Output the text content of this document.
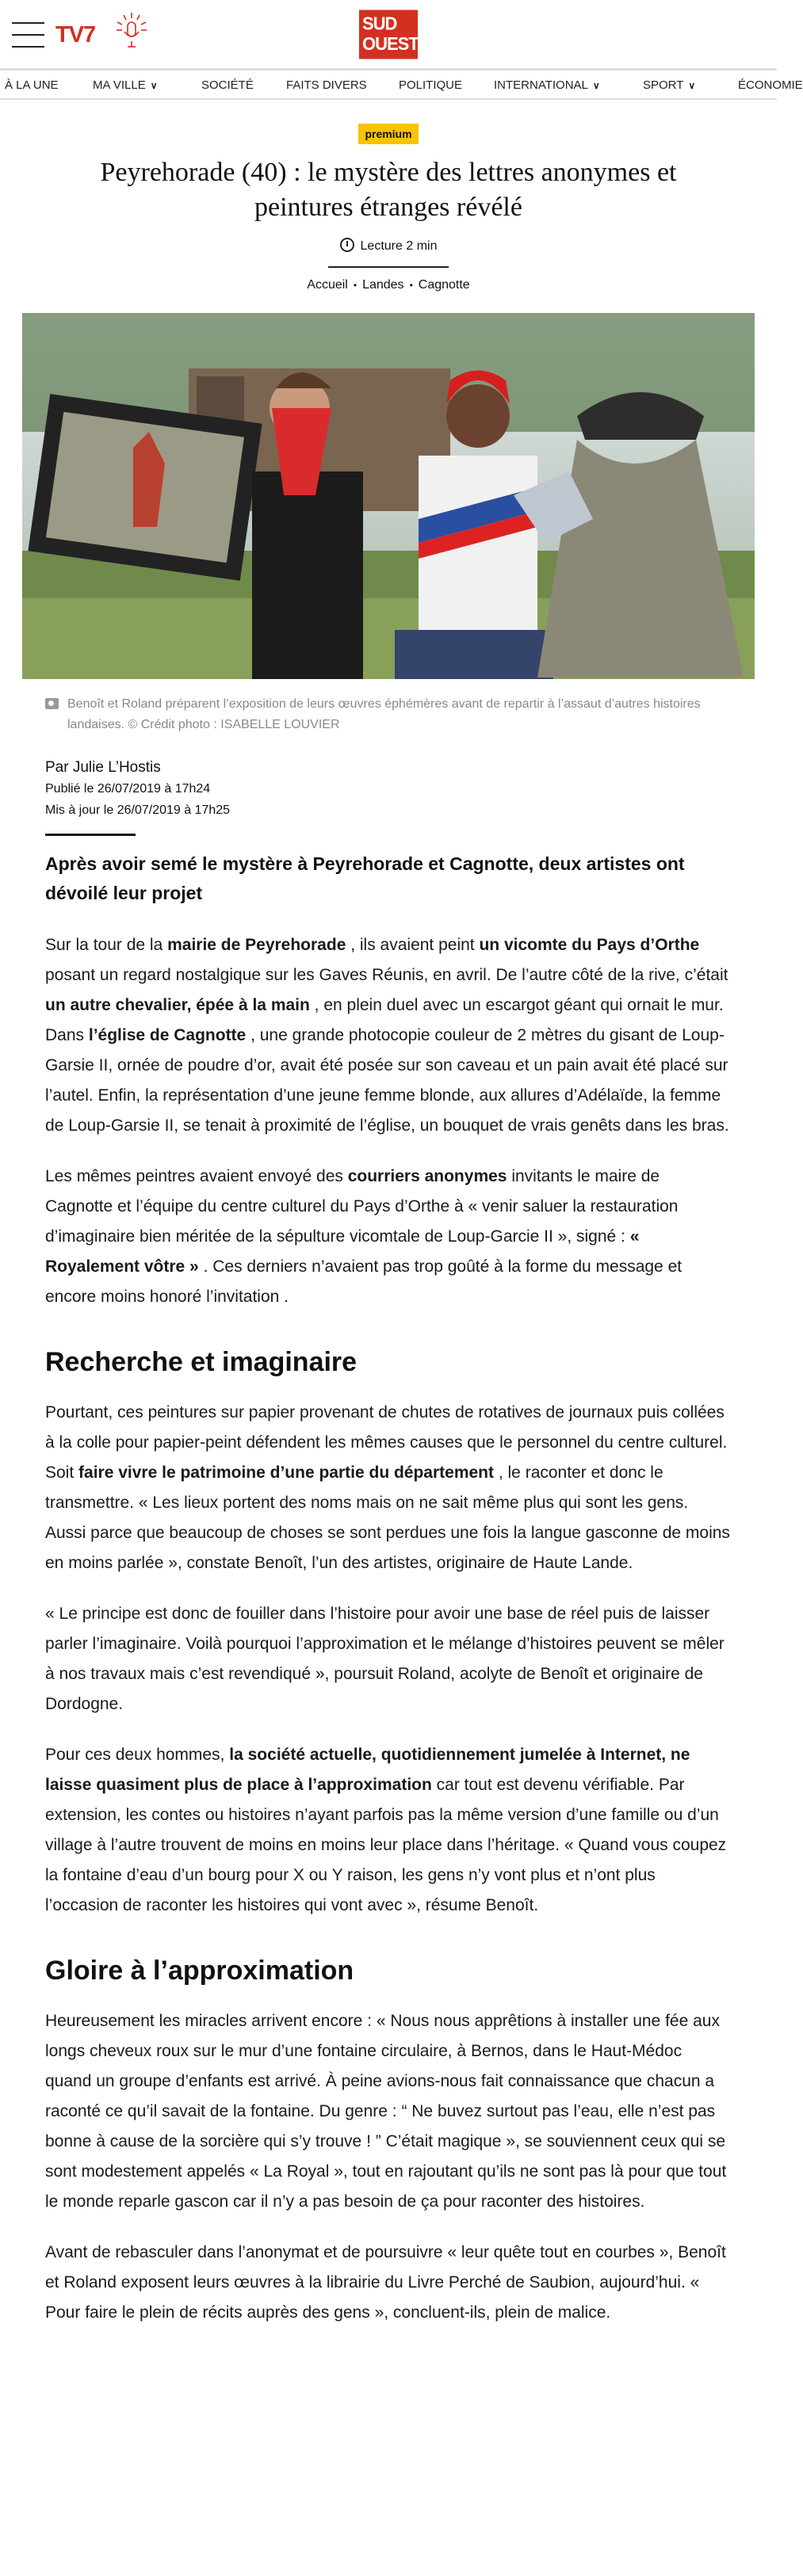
TV7	SUD
OUEST
À LA UNE	MA VILLE ∨	SOCIÉTÉ	FAITS DIVERS	POLITIQUE	INTERNATIONAL ∨	SPORT ∨	ÉCONOMIE
premium
Peyrehorade (40) : le mystère des lettres anonymes et peintures étranges révélé
Lecture 2 min
Accueil • Landes • Cagnotte
Benoît et Roland préparent l’exposition de leurs œuvres éphémères avant de repartir à l’assaut d’autres histoires landaises. © Crédit photo : ISABELLE LOUVIER
Par Julie L’Hostis
Publié le 26/07/2019 à 17h24
Mis à jour le 26/07/2019 à 17h25
Après avoir semé le mystère à Peyrehorade et Cagnotte, deux artistes ont dévoilé leur projet

Sur la tour de la mairie de Peyrehorade , ils avaient peint un vicomte du Pays d’Orthe posant un regard nostalgique sur les Gaves Réunis, en avril. De l’autre côté de la rive, c’était un autre chevalier, épée à la main , en plein duel avec un escargot géant qui ornait le mur. Dans l’église de Cagnotte , une grande photocopie couleur de 2 mètres du gisant de Loup-Garsie II, ornée de poudre d’or, avait été posée sur son caveau et un pain avait été placé sur l’autel. Enfin, la représentation d’une jeune femme blonde, aux allures d’Adélaïde, la femme de Loup-Garsie II, se tenait à proximité de l’église, un bouquet de vrais genêts dans les bras.

Les mêmes peintres avaient envoyé des courriers anonymes invitants le maire de Cagnotte et l’équipe du centre culturel du Pays d’Orthe à « venir saluer la restauration d’imaginaire bien méritée de la sépulture vicomtale de Loup-Garcie II », signé : « Royalement vôtre » . Ces derniers n’avaient pas trop goûté à la forme du message et encore moins honoré l’invitation .

Recherche et imaginaire

Pourtant, ces peintures sur papier provenant de chutes de rotatives de journaux puis collées à la colle pour papier-peint défendent les mêmes causes que le personnel du centre culturel. Soit faire vivre le patrimoine d’une partie du département , le raconter et donc le transmettre. « Les lieux portent des noms mais on ne sait même plus qui sont les gens. Aussi parce que beaucoup de choses se sont perdues une fois la langue gasconne de moins en moins parlée », constate Benoît, l’un des artistes, originaire de Haute Lande.

« Le principe est donc de fouiller dans l’histoire pour avoir une base de réel puis de laisser parler l’imaginaire. Voilà pourquoi l’approximation et le mélange d’histoires peuvent se mêler à nos travaux mais c’est revendiqué », poursuit Roland, acolyte de Benoît et originaire de Dordogne.

Pour ces deux hommes, la société actuelle, quotidiennement jumelée à Internet, ne laisse quasiment plus de place à l’approximation car tout est devenu vérifiable. Par extension, les contes ou histoires n’ayant parfois pas la même version d’une famille ou d’un village à l’autre trouvent de moins en moins leur place dans l’héritage. « Quand vous coupez la fontaine d’eau d’un bourg pour X ou Y raison, les gens n’y vont plus et n’ont plus l’occasion de raconter les histoires qui vont avec », résume Benoît.

Gloire à l’approximation

Heureusement les miracles arrivent encore : « Nous nous apprêtions à installer une fée aux longs cheveux roux sur le mur d’une fontaine circulaire, à Bernos, dans le Haut-Médoc quand un groupe d’enfants est arrivé. À peine avions-nous fait connaissance que chacun a raconté ce qu’il savait de la fontaine. Du genre : “ Ne buvez surtout pas l’eau, elle n’est pas bonne à cause de la sorcière qui s’y trouve ! ” C’était magique », se souviennent ceux qui se sont modestement appelés « La Royal », tout en rajoutant qu’ils ne sont pas là pour que tout le monde reparle gascon car il n’y a pas besoin de ça pour raconter des histoires.

Avant de rebasculer dans l’anonymat et de poursuivre « leur quête tout en courbes », Benoît et Roland exposent leurs œuvres à la librairie du Livre Perché de Saubion, aujourd’hui. « Pour faire le plein de récits auprès des gens », concluent-ils, plein de malice.
